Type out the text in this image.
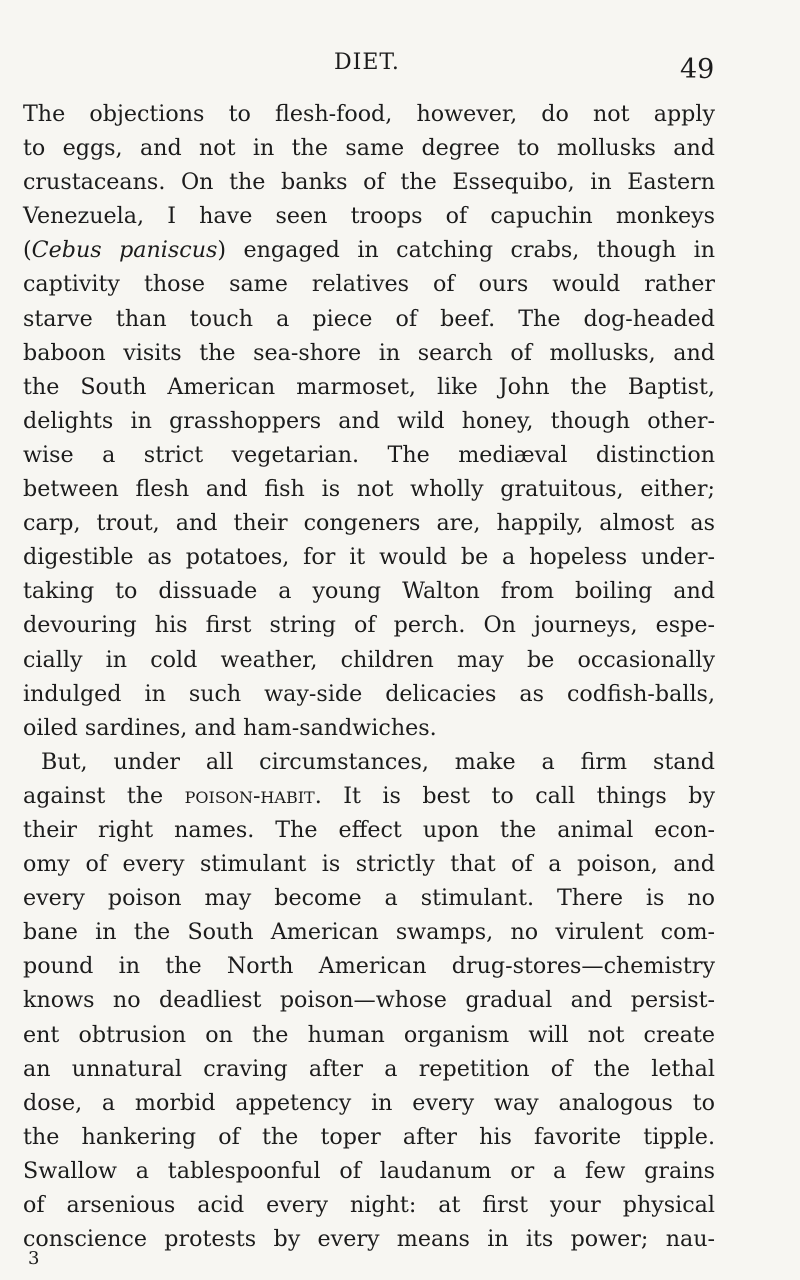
DIET.	49
The objections to flesh-food, however, do not apply
to eggs, and not in the same degree to mollusks and
crustaceans. On the banks of the Essequibo, in Eastern
Venezuela, I have seen troops of capuchin monkeys
(Cebus paniscus) engaged in catching crabs, though in
captivity those same relatives of ours would rather
starve than touch a piece of beef. The dog-headed
baboon visits the sea-shore in search of mollusks, and
the South American marmoset, like John the Baptist,
delights in grasshoppers and wild honey, though other-
wise a strict vegetarian. The mediæval distinction
between flesh and fish is not wholly gratuitous, either;
carp, trout, and their congeners are, happily, almost as
digestible as potatoes, for it would be a hopeless under-
taking to dissuade a young Walton from boiling and
devouring his first string of perch. On journeys, espe-
cially in cold weather, children may be occasionally
indulged in such way-side delicacies as codfish-balls,
oiled sardines, and ham-sandwiches.
But, under all circumstances, make a firm stand
against the poison-habit. It is best to call things by
their right names. The effect upon the animal econ-
omy of every stimulant is strictly that of a poison, and
every poison may become a stimulant. There is no
bane in the South American swamps, no virulent com-
pound in the North American drug-stores—chemistry
knows no deadliest poison—whose gradual and persist-
ent obtrusion on the human organism will not create
an unnatural craving after a repetition of the lethal
dose, a morbid appetency in every way analogous to
the hankering of the toper after his favorite tipple.
Swallow a tablespoonful of laudanum or a few grains
of arsenious acid every night: at first your physical
conscience protests by every means in its power; nau-
3
